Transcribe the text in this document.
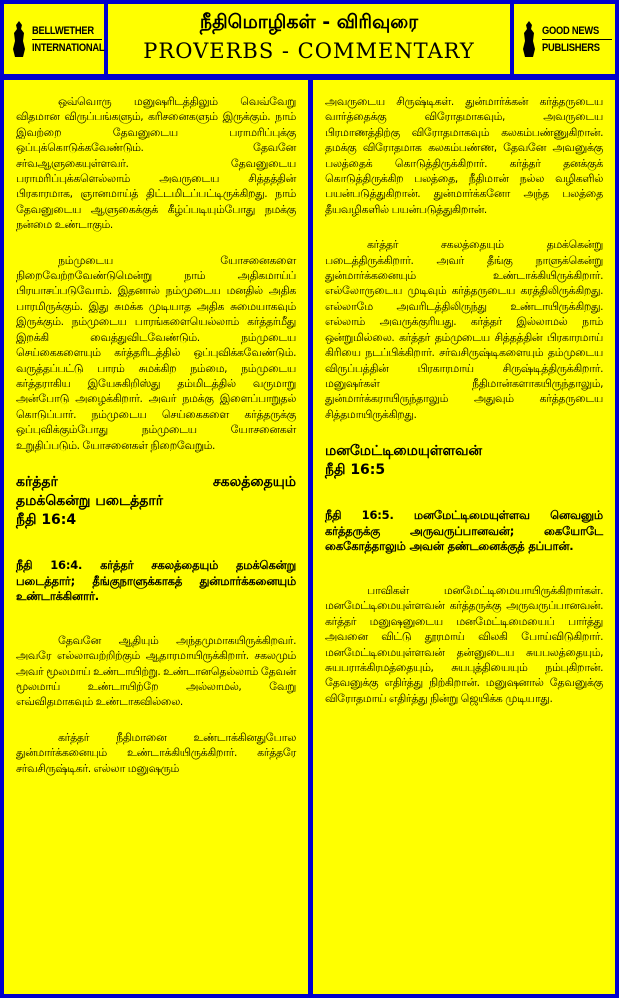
BELLWETHER
INTERNATIONAL
நீதிமொழிகள் - விரிவுரை
PROVERBS - COMMENTARY
GOOD NEWS
PUBLISHERS

ஒவ்வொரு மனுஷரிடத்திலும் வெவ்வேறு விதமான விருப்பங்களும், கரிசனைகளும் இருக்கும். நாம் இவற்றை தேவனுடைய பராமரிப்புக்கு ஒப்புக்கொடுக்கவேண்டும். தேவனே சர்வஆளுகையுள்ளவர். தேவனுடைய பராமரிப்புக்களெல்லாம் அவருடைய சித்தத்தின் பிரகாரமாக, ஞானமாய்த் திட்டமிடப்பட்டிருக்கிறது. நாம் தேவனுடைய ஆளுகைக்குக் கீழ்ப்படியும்போது நமக்கு நன்மை உண்டாகும்.

நம்முடைய யோசனைகளை நிறைவேற்றவேண்டுமென்று நாம் அதிகமாய்ப் பிரயாசப்படுவோம். இதனால் நம்முடைய மனதில் அதிக பாரமிருக்கும். இது சுமக்க முடியாத அதிக சுமையாகவும் இருக்கும். நம்முடைய பாரங்களையெல்லாம் கர்த்தர்மீது இறக்கி வைத்துவிடவேண்டும். நம்முடைய செய்கைகளையும் கர்த்தரிடத்தில் ஒப்புவிக்கவேண்டும். வருத்தப்பட்டு பாரம் சுமக்கிற நம்மை, நம்முடைய கர்த்தராகிய இயேசுகிறிஸ்து தம்மிடத்தில் வருமாறு அன்போடு அழைக்கிறார். அவர் நமக்கு இளைப்பாறுதல் கொடுப்பார். நம்முடைய செய்கைகளை கர்த்தருக்கு ஒப்புவிக்கும்போது நம்முடைய யோசனைகள் உறுதிப்படும். யோசனைகள் நிறைவேறும்.

கர்த்தர்	சகலத்தையும்
தமக்கென்று படைத்தார்
நீதி 16:4

நீதி 16:4. கர்த்தர் சகலத்தையும் தமக்கென்று படைத்தார்; தீங்குநாளுக்காகத் துன்மார்க்கனையும் உண்டாக்கினார்.

தேவனே ஆதியும் அந்தமுமாகயிருக்கிறவர். அவரே எல்லாவற்றிற்கும் ஆதாரமாயிருக்கிறார். சகலமும் அவர் மூலமாய் உண்டாயிற்று. உண்டானதெல்லாம் தேவன் மூலமாய் உண்டாயிற்றே அல்லாமல், வேறு எவ்விதமாகவும் உண்டாகவில்லை.

கர்த்தர் நீதிமானை உண்டாக்கினதுபோல துன்மார்க்கனையும் உண்டாக்கியிருக்கிறார். கர்த்தரே சர்வசிருஷ்டிகர். எல்லா மனுஷரும்

அவருடைய சிருஷ்டிகள். துன்மார்க்கன் கர்த்தருடைய வார்த்தைக்கு விரோதமாகவும், அவருடைய பிரமாணத்திற்கு விரோதமாகவும் கலகம்பண்ணுகிறான். தமக்கு விரோதமாக கலகம்பண்ண, தேவனே அவனுக்கு பலத்தைக் கொடுத்திருக்கிறார். கர்த்தர் தனக்குக் கொடுத்திருக்கிற பலத்தை, நீதிமான் நல்ல வழிகளில் பயன்படுத்துகிறான். துன்மார்க்கனோ அந்த பலத்தை தீயவழிகளில் பயன்படுத்துகிறான்.

கர்த்தர் சகலத்தையும் தமக்கென்று படைத்திருக்கிறார். அவர் தீங்கு நாளுக்கென்று துன்மார்க்கனையும் உண்டாக்கியிருக்கிறார். எல்லோருடைய முடிவும் கர்த்தருடைய கரத்திலிருக்கிறது. எல்லாமே அவரிடத்திலிருந்து உண்டாயிருக்கிறது. எல்லாம் அவருக்குரியது. கர்த்தர் இல்லாமல் நாம் ஒன்றுமில்லை. கர்த்தர் தம்முடைய சித்தத்தின் பிரகாரமாய் கிரியை நடப்பிக்கிறார். சர்வசிருஷ்டிகளையும் தம்முடைய விருப்பத்தின் பிரகாரமாய் சிருஷ்டித்திருக்கிறார். மனுஷர்கள் நீதிமான்களாகயிருந்தாலும், துன்மார்க்கராயிருந்தாலும் அதுவும் கர்த்தருடைய சித்தமாயிருக்கிறது.

மனமேட்டிமையுள்ளவன்
நீதி 16:5

நீதி 16:5. மனமேட்டிமையுள்ளவ னெவனும் கர்த்தருக்கு அருவருப்பானவன்; கையோடே கைகோத்தாலும் அவன் தண்டனைக்குத் தப்பான்.

பாவிகள் மனமேட்டிமையாயிருக்கிறார்கள். மனமேட்டிமையுள்ளவன் கர்த்தருக்கு அருவருப்பானவன். கர்த்தர் மனுஷனுடைய மனமேட்டிமையைப் பார்த்து அவனை விட்டு தூரமாய் விலகி போய்விடுகிறார். மனமேட்டிமையுள்ளவன் தன்னுடைய சுயபலத்தையும், சுயபராக்கிரமத்தையும், சுயபுத்தியையும் நம்புகிறான். தேவனுக்கு எதிர்த்து நிற்கிறான். மனுஷனால் தேவனுக்கு விரோதமாய் எதிர்த்து நின்று ஜெயிக்க முடியாது.
